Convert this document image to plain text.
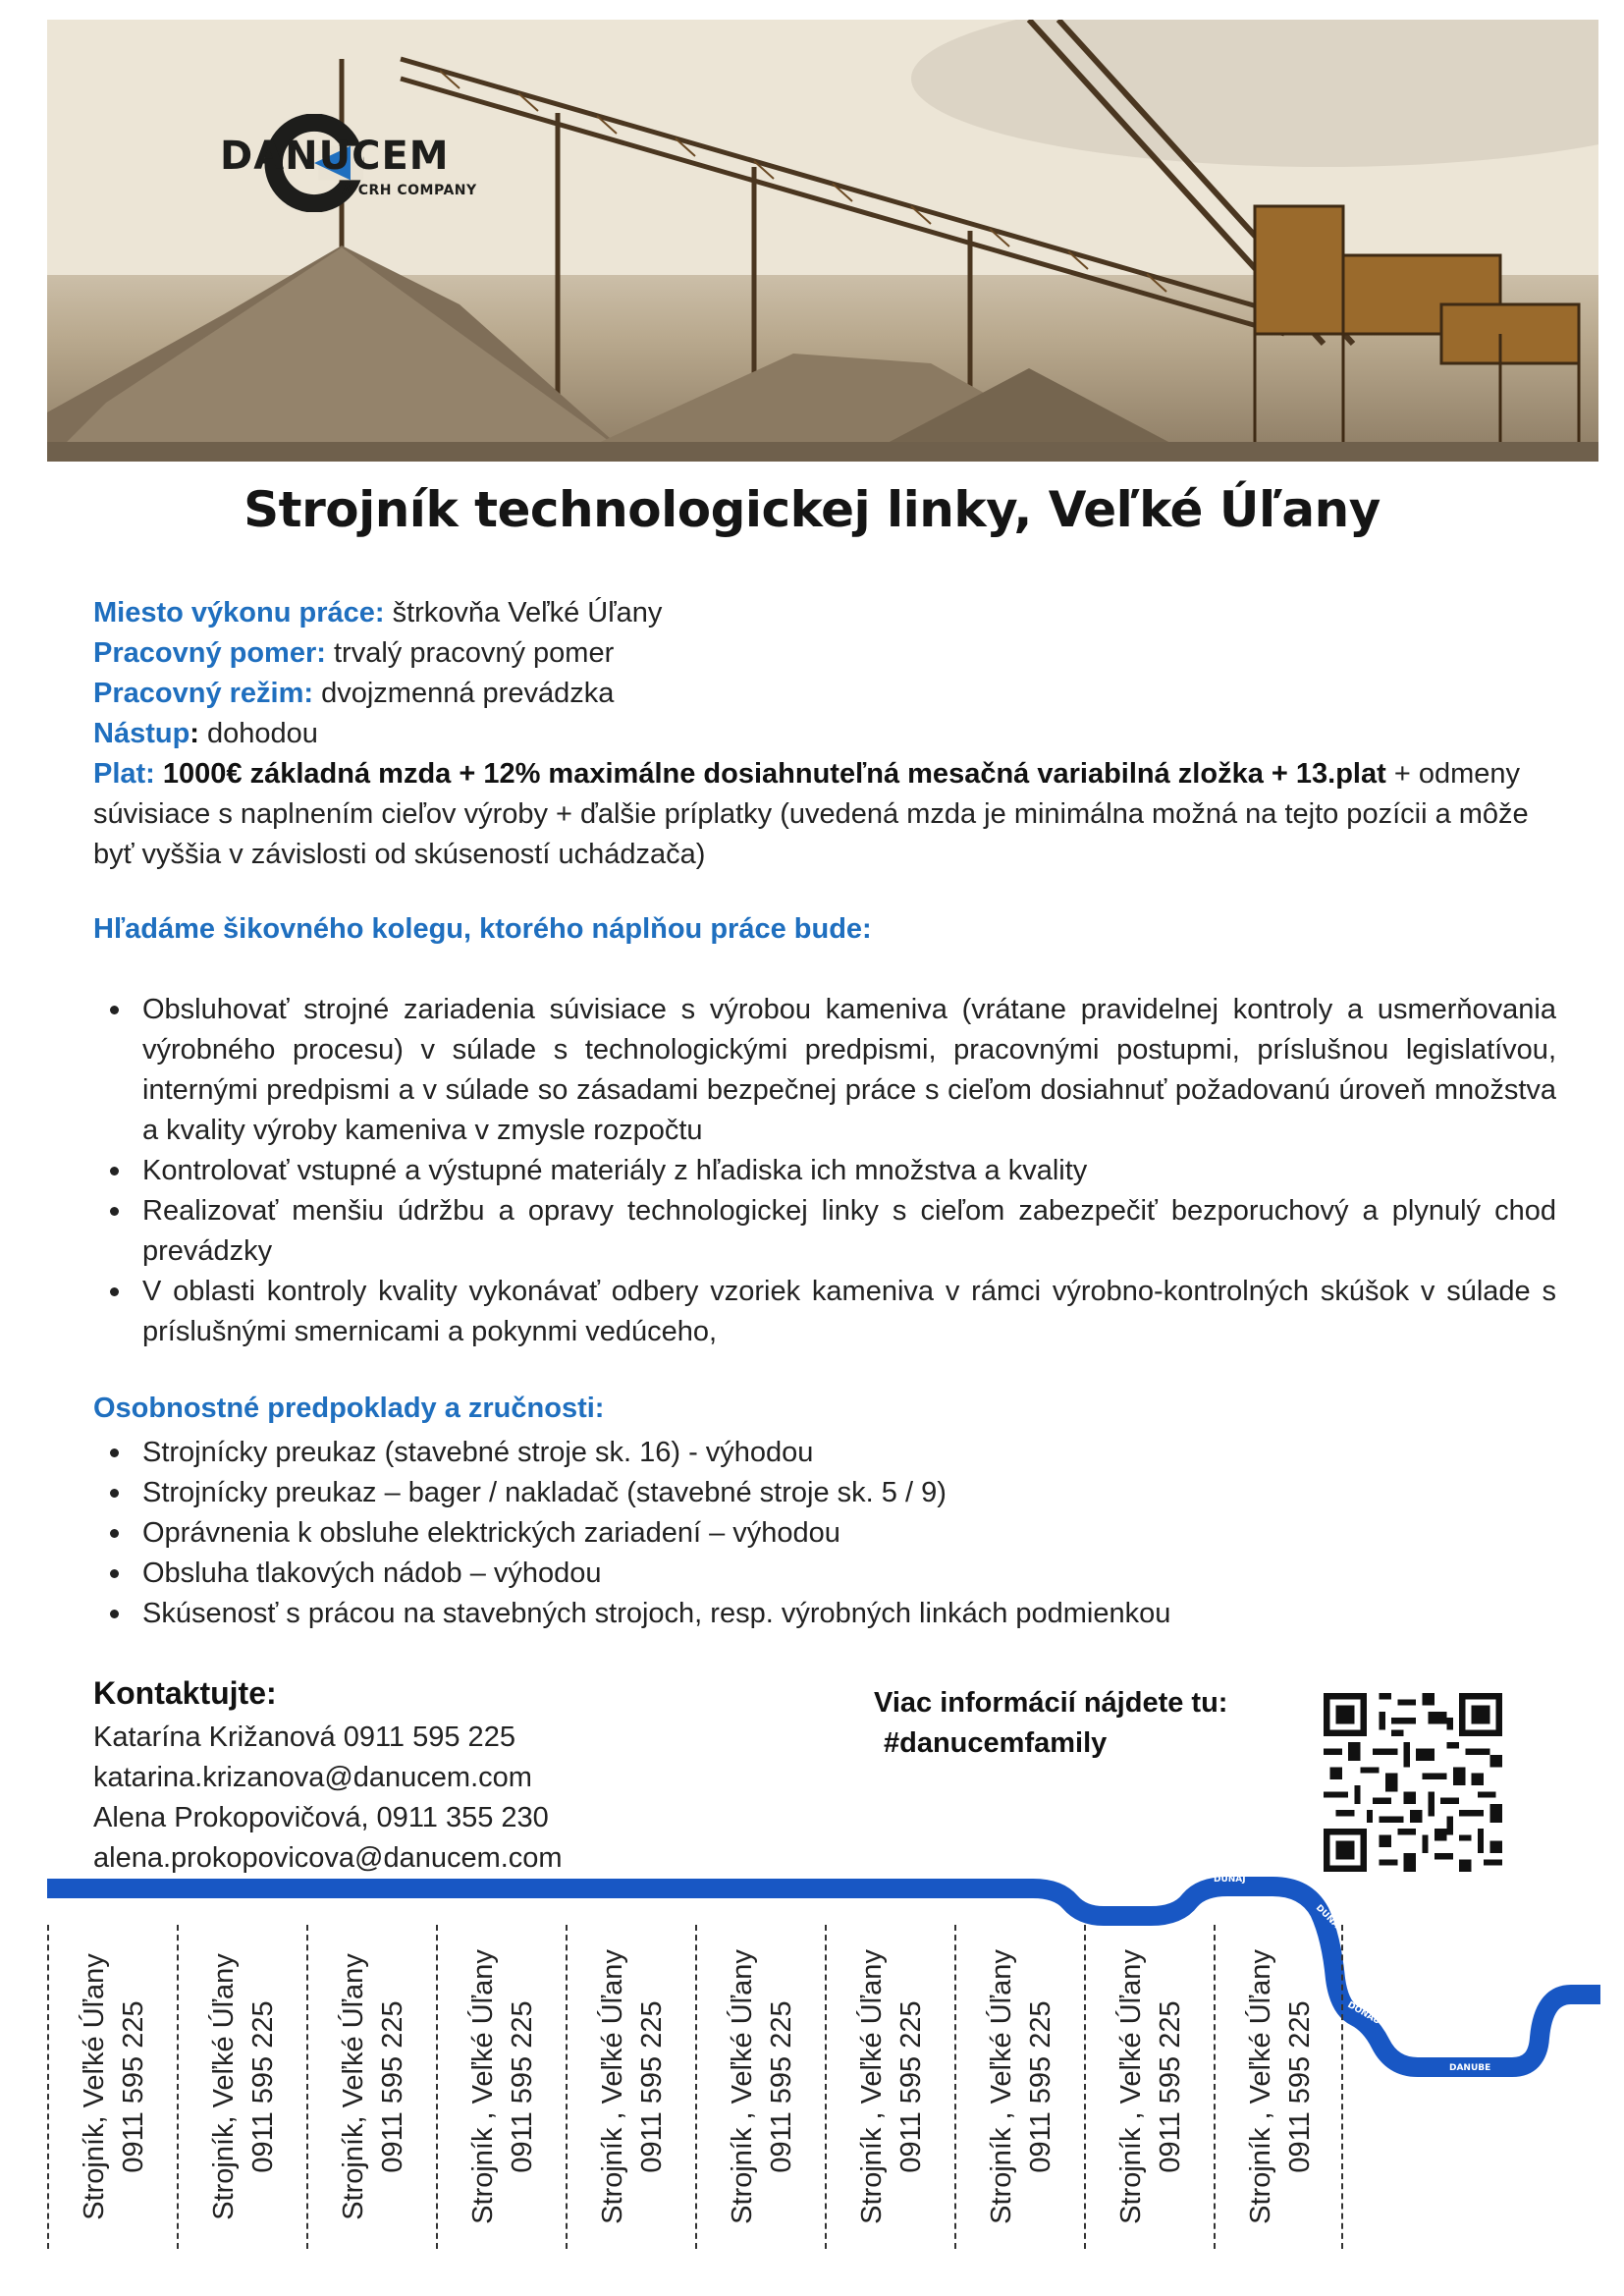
DANUCEM
A CRH COMPANY
Strojník technologickej linky, Veľké Úľany
Miesto výkonu práce: štrkovňa Veľké Úľany
Pracovný pomer: trvalý pracovný pomer
Pracovný režim: dvojzmenná prevádzka
Nástup: dohodou
Plat: 1000€ základná mzda + 12% maximálne dosiahnuteľná mesačná variabilná zložka + 13.plat + odmeny súvisiace s naplnením cieľov výroby + ďalšie príplatky (uvedená mzda je minimálna možná na tejto pozícii a môže byť vyššia v závislosti od skúseností uchádzača)
Hľadáme šikovného kolegu, ktorého náplňou práce bude:
Obsluhovať strojné zariadenia súvisiace s výrobou kameniva (vrátane pravidelnej kontroly a usmerňovania výrobného procesu) v súlade s technologickými predpismi, pracovnými postupmi, príslušnou legislatívou, internými predpismi a v súlade so zásadami bezpečnej práce s cieľom dosiahnuť požadovanú úroveň množstva a kvality výroby kameniva v zmysle rozpočtu
Kontrolovať vstupné a výstupné materiály z hľadiska ich množstva a kvality
Realizovať menšiu údržbu a opravy technologickej linky s cieľom zabezpečiť bezporuchový a plynulý chod prevádzky
V oblasti kontroly kvality vykonávať odbery vzoriek kameniva v rámci výrobno-kontrolných skúšok v súlade s príslušnými smernicami a pokynmi vedúceho,
Osobnostné predpoklady a zručnosti:
Strojnícky preukaz (stavebné stroje sk. 16) - výhodou
Strojnícky preukaz – bager / nakladač (stavebné stroje sk. 5 / 9)
Oprávnenia k obsluhe elektrických zariadení – výhodou
Obsluha tlakových nádob – výhodou
Skúsenosť s prácou na stavebných strojoch, resp. výrobných linkách podmienkou
Kontaktujte:
Katarína Križanová 0911 595 225
katarina.krizanova@danucem.com
Alena Prokopovičová, 0911 355 230
alena.prokopovicova@danucem.com
Viac informácií nájdete tu:
#danucemfamily
DUNAJ
DUNA
DONAU
DANUBE
Strojník, Veľké Úľany 0911 595 225 Strojník, Veľké Úľany 0911 595 225 Strojník, Veľké Úľany 0911 595 225 Strojník , Veľké Úľany 0911 595 225 Strojník , Veľké Úľany 0911 595 225 Strojník , Veľké Úľany 0911 595 225 Strojník , Veľké Úľany 0911 595 225 Strojník , Veľké Úľany 0911 595 225 Strojník , Veľké Úľany 0911 595 225 Strojník , Veľké Úľany 0911 595 225
